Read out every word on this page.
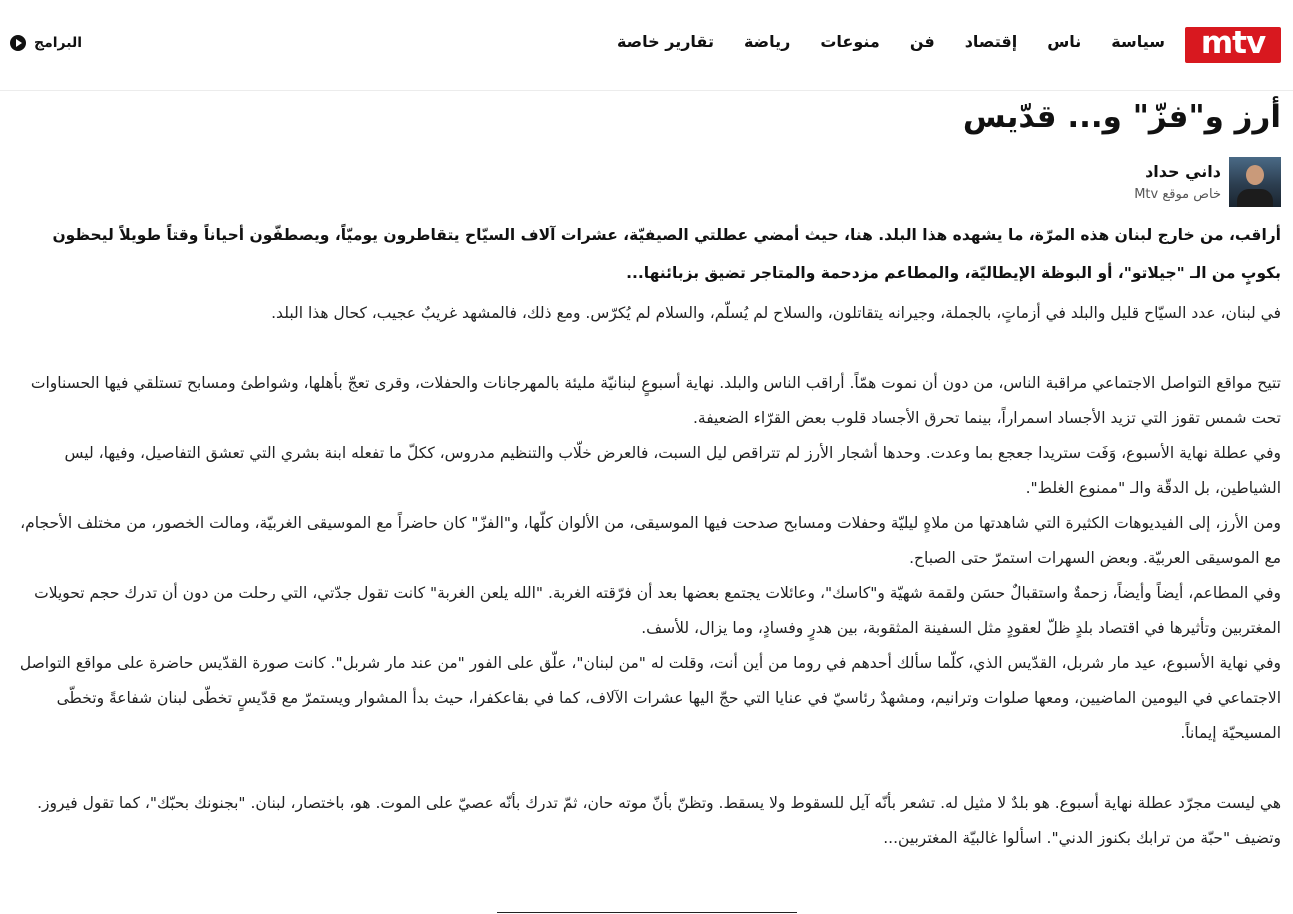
mtv
سياسة
ناس
إقتصاد
فن
منوعات
رياضة
تقارير خاصة
البرامج
أرز و"فزّ" و... قدّيس
داني حداد
خاص موقع Mtv

أراقب، من خارج لبنان هذه المرّة، ما يشهده هذا البلد. هنا، حيث أمضي عطلتي الصيفيّة، عشرات آلاف السيّاح يتقاطرون يوميّاً، ويصطفّون أحياناً وقتاً طويلاً ليحظون بكوبٍ من الـ "جيلاتو"، أو البوظة الإيطاليّة، والمطاعم مزدحمة والمتاجر تضيق بزبائنها...

في لبنان، عدد السيّاح قليل والبلد في أزماتٍ، بالجملة، وجيرانه يتقاتلون، والسلاح لم يُسلّم، والسلام لم يُكرّس. ومع ذلك، فالمشهد غريبٌ عجيب، كحال هذا البلد.

تتيح مواقع التواصل الاجتماعي مراقبة الناس، من دون أن نموت همّاً. أراقب الناس والبلد. نهاية أسبوعٍ لبنانيّة مليئة بالمهرجانات والحفلات، وقرى تعجّ بأهلها، وشواطئ ومسابح تستلقي فيها الحسناوات تحت شمس تقوز التي تزيد الأجساد اسمراراً، بينما تحرق الأجساد قلوب بعض القرّاء الضعيفة.

وفي عطلة نهاية الأسبوع، وَفَت ستريدا جعجع بما وعدت. وحدها أشجار الأرز لم تتراقص ليل السبت، فالعرض خلّاب والتنظيم مدروس، ككلّ ما تفعله ابنة بشري التي تعشق التفاصيل، وفيها، ليس الشياطين، بل الدقّة والـ "ممنوع الغلط".

ومن الأرز، إلى الفيديوهات الكثيرة التي شاهدتها من ملاهٍ ليليّة وحفلات ومسابح صدحت فيها الموسيقى، من الألوان كلّها، و"الفزّ" كان حاضراً مع الموسيقى الغربيّة، ومالت الخصور، من مختلف الأحجام، مع الموسيقى العربيّة. وبعض السهرات استمرّ حتى الصباح.

وفي المطاعم، أيضاً وأيضاً، زحمةٌ واستقبالٌ حسَن ولقمة شهيّة و"كاسك"، وعائلات يجتمع بعضها بعد أن فرّقته الغربة. "الله يلعن الغربة" كانت تقول جدّتي، التي رحلت من دون أن تدرك حجم تحويلات المغتربين وتأثيرها في اقتصاد بلدٍ ظلّ لعقودٍ مثل السفينة المثقوبة، بين هدرٍ وفسادٍ، وما يزال، للأسف.

وفي نهاية الأسبوع، عيد مار شربل، القدّيس الذي، كلّما سألك أحدهم في روما من أين أنت، وقلت له "من لبنان"، علّق على الفور "من عند مار شربل". كانت صورة القدّيس حاضرة على مواقع التواصل الاجتماعي في اليومين الماضيين، ومعها صلوات وترانيم، ومشهدٌ رئاسيّ في عنايا التي حجّ اليها عشرات الآلاف، كما في بقاعكفرا، حيث بدأ المشوار ويستمرّ مع قدّيسٍ تخطّى لبنان شفاعةً وتخطّى المسيحيّة إيماناً.

هي ليست مجرّد عطلة نهاية أسبوع. هو بلدٌ لا مثيل له. تشعر بأنّه آيل للسقوط ولا يسقط. وتظنّ بأنّ موته حان، ثمّ تدرك بأنّه عصيّ على الموت. هو، باختصار، لبنان. "بجنونك بحبّك"، كما تقول فيروز. وتضيف "حبّة من ترابك بكنوز الدني". اسألوا غالبيّة المغتربين...
